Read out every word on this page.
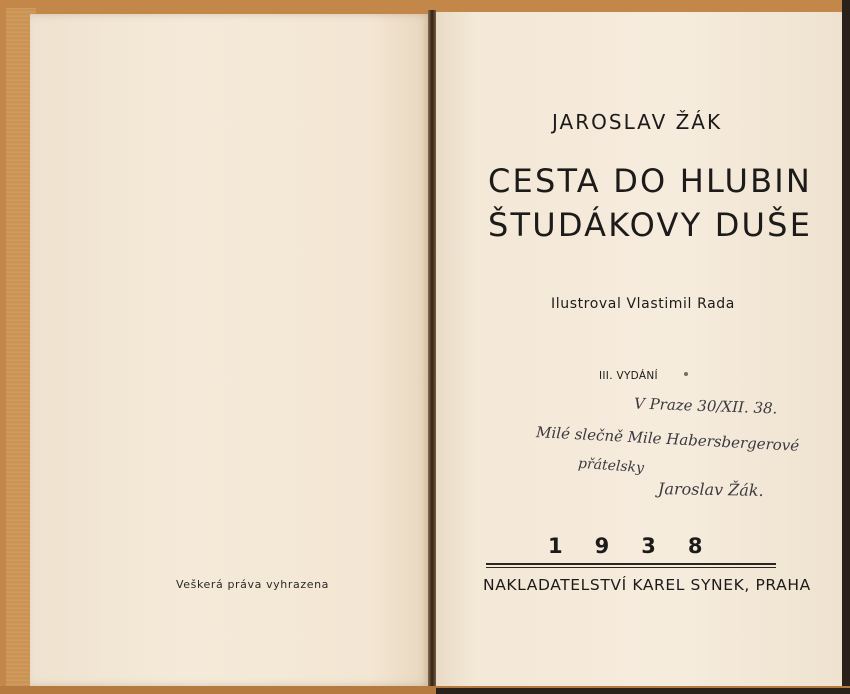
Veškerá práva vyhrazena
JAROSLAV ŽÁK
CESTA DO HLUBIN
ŠTUDÁKOVY DUŠE
Ilustroval Vlastimil Rada
III. VYDÁNÍ
V Praze 30/XII. 38.
Milé slečně Mile Habersbergerové
přátelsky
Jaroslav Žák.
1938
NAKLADATELSTVÍ KAREL SYNEK, PRAHA
